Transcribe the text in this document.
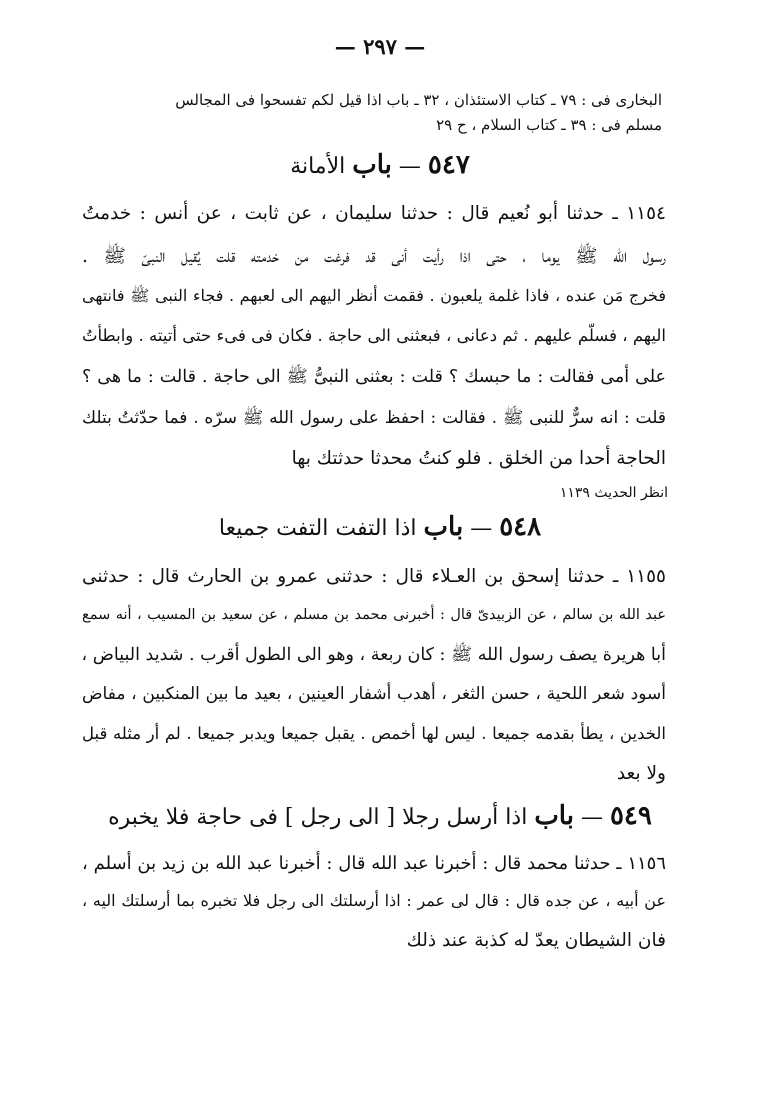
— ٢٩٧ —
البخارى فى : ٧٩ ـ كتاب الاستئذان ، ٣٢ ـ باب اذا قيل لكم تفسحوا فى المجالس
مسلم فى : ٣٩ ـ كتاب السلام ، ح ٢٩
٥٤٧ — باب الأمانة
١١٥٤ ـ حدثنا أبو نُعيم قال : حدثنا سليمان ، عن ثابت ، عن أنس : خدمتُ
رسول الله ﷺ يوما ، حتى اذا رأيت أنى قد فرغت من خدمته قلت يُقيل النبىّ ﷺ .
فخرج مَن عنده ، فاذا غلمة يلعبون . فقمت أنظر اليهم الى لعبهم . فجاء النبى ﷺ فانتهى
اليهم ، فسلّم عليهم . ثم دعانى ، فبعثنى الى حاجة . فكان فى فىء حتى أتيته . وابطأتُ
على أمى فقالت : ما حبسك ؟ قلت : بعثنى النبىُّ ﷺ الى حاجة . قالت : ما هى ؟
قلت : انه سرٌّ للنبى ﷺ . فقالت : احفظ على رسول الله ﷺ سرّه . فما حدّثتُ بتلك
الحاجة أحدا من الخلق . فلو كنتُ محدثا حدثتك بها
انظر الحديث ١١٣٩
٥٤٨ — باب اذا التفت التفت جميعا
١١٥٥ ـ حدثنا إسحق بن العـلاء قال : حدثنى عمرو بن الحارث قال : حدثنى
عبد الله بن سالم ، عن الزبيدىّ قال : أخبرنى محمد بن مسلم ، عن سعيد بن المسيب ، أنه سمع
أبا هريرة يصف رسول الله ﷺ : كان ربعة ، وهو الى الطول أقرب . شديد البياض ،
أسود شعر اللحية ، حسن الثغر ، أهدب أشفار العينين ، بعيد ما بين المنكبين ، مفاض
الخدين ، يطأ بقدمه جميعا . ليس لها أخمص . يقبل جميعا ويدبر جميعا . لم أر مثله قبل
ولا بعد
٥٤٩ — باب اذا أرسل رجلا [ الى رجل ] فى حاجة فلا يخبره
١١٥٦ ـ حدثنا محمد قال : أخبرنا عبد الله قال : أخبرنا عبد الله بن زيد بن أسلم ،
عن أبيه ، عن جده قال : قال لى عمر : اذا أرسلتك الى رجل فلا تخبره بما أرسلتك اليه ،
فان الشيطان يعدّ له كذبة عند ذلك
